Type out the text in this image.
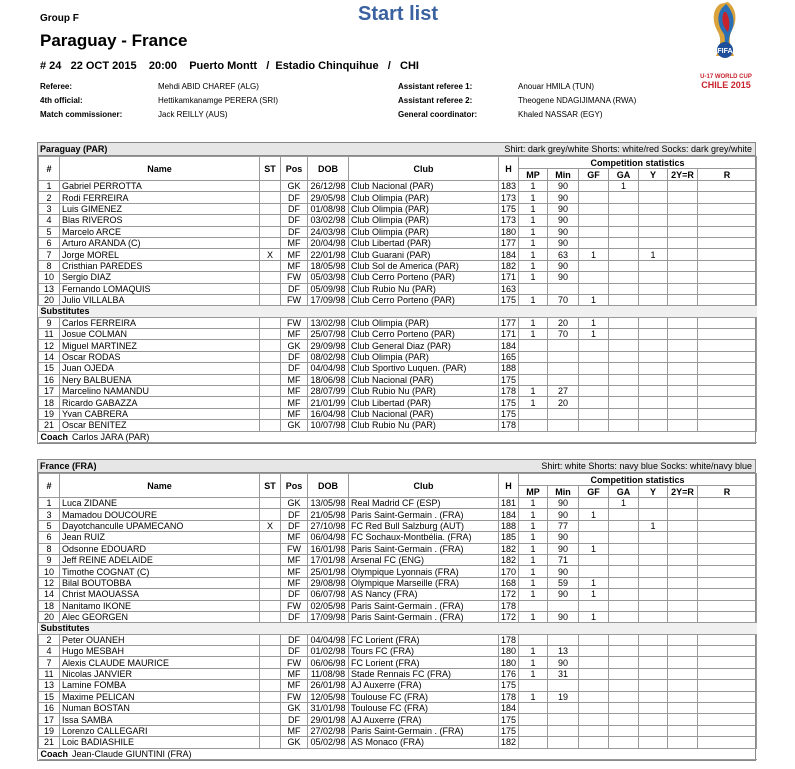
Group F	Start list
Paraguay - France
# 24   22 OCT 2015    20:00    Puerto Montt   /  Estadio Chinquihue   /   CHI
Referee:	Mehdi ABID CHAREF (ALG)
4th official:	Hettikamkanamge PERERA (SRI)
Match commissioner:	Jack REILLY (AUS)
Assistant referee 1:	Anouar HMILA (TUN)
Assistant referee 2:	Theogene NDAGIJIMANA (RWA)
General coordinator:	Khaled NASSAR (EGY)
FIFA
U-17 WORLD CUP
CHILE 2015
Paraguay (PAR)	Shirt: dark grey/white Shorts: white/red Socks: dark grey/white
#	Name	ST	Pos	DOB	Club	H	Competition statistics						
							MP	Min	GF	GA	Y	2Y=R	R
1	Gabriel PERROTTA		GK	26/12/98	Club Nacional (PAR)	183	1	90		1			
2	Rodi FERREIRA		DF	29/05/98	Club Olimpia (PAR)	173	1	90					
3	Luis GIMENEZ		DF	01/08/98	Club Olimpia (PAR)	175	1	90					
4	Blas RIVEROS		DF	03/02/98	Club Olimpia (PAR)	173	1	90					
5	Marcelo ARCE		DF	24/03/98	Club Olimpia (PAR)	180	1	90					
6	Arturo ARANDA (C)		MF	20/04/98	Club Libertad (PAR)	177	1	90					
7	Jorge MOREL	X	MF	22/01/98	Club Guarani (PAR)	184	1	63	1		1		
8	Cristhian PAREDES		MF	18/05/98	Club Sol de America (PAR)	182	1	90					
10	Sergio DIAZ		FW	05/03/98	Club Cerro Porteno (PAR)	171	1	90					
13	Fernando LOMAQUIS		DF	05/09/98	Club Rubio Nu (PAR)	163							
20	Julio VILLALBA		FW	17/09/98	Club Cerro Porteno (PAR)	175	1	70	1				
Substitutes													
9	Carlos FERREIRA		FW	13/02/98	Club Olimpia (PAR)	177	1	20	1				
11	Josue COLMAN		MF	25/07/98	Club Cerro Porteno (PAR)	171	1	70	1				
12	Miguel MARTINEZ		GK	29/09/98	Club General Diaz (PAR)	184							
14	Oscar RODAS		DF	08/02/98	Club Olimpia (PAR)	165							
15	Juan OJEDA		DF	04/04/98	Club Sportivo Luquen. (PAR)	188							
16	Nery BALBUENA		MF	18/06/98	Club Nacional (PAR)	175							
17	Marcelino NAMANDU		MF	28/07/99	Club Rubio Nu (PAR)	178	1	27					
18	Ricardo GABAZZA		MF	21/01/99	Club Libertad (PAR)	175	1	20					
19	Yvan CABRERA		MF	16/04/98	Club Nacional (PAR)	175							
21	Oscar BENITEZ		GK	10/07/98	Club Rubio Nu (PAR)	178							
Coach Carlos JARA (PAR)													
France (FRA)	Shirt: white Shorts: navy blue Socks: white/navy blue
#	Name	ST	Pos	DOB	Club	H	Competition statistics						
							MP	Min	GF	GA	Y	2Y=R	R
1	Luca ZIDANE		GK	13/05/98	Real Madrid CF (ESP)	181	1	90		1			
3	Mamadou DOUCOURE		DF	21/05/98	Paris Saint-Germain . (FRA)	184	1	90	1				
5	Dayotchanculle UPAMECANO	X	DF	27/10/98	FC Red Bull Salzburg (AUT)	188	1	77			1		
6	Jean RUIZ		MF	06/04/98	FC Sochaux-Montbéliа. (FRA)	185	1	90					
8	Odsonne EDOUARD		FW	16/01/98	Paris Saint-Germain . (FRA)	182	1	90	1				
9	Jeff REINE ADELAIDE		MF	17/01/98	Arsenal FC (ENG)	182	1	71					
10	Timothe COGNAT (C)		MF	25/01/98	Olympique Lyonnais (FRA)	170	1	90					
12	Bilal BOUTOBBA		MF	29/08/98	Olympique Marseille (FRA)	168	1	59	1				
14	Christ MAOUASSA		DF	06/07/98	AS Nancy (FRA)	172	1	90	1				
18	Nanitamo IKONE		FW	02/05/98	Paris Saint-Germain . (FRA)	178							
20	Alec GEORGEN		DF	17/09/98	Paris Saint-Germain . (FRA)	172	1	90	1				
Substitutes													
2	Peter OUANEH		DF	04/04/98	FC Lorient (FRA)	178							
4	Hugo MESBAH		DF	01/02/98	Tours FC (FRA)	180	1	13					
7	Alexis CLAUDE MAURICE		FW	06/06/98	FC Lorient (FRA)	180	1	90					
11	Nicolas JANVIER		MF	11/08/98	Stade Rennais FC (FRA)	176	1	31					
13	Lamine FOMBA		MF	26/01/98	AJ Auxerre (FRA)	175							
15	Maxime PELICAN		FW	12/05/98	Toulouse FC (FRA)	178	1	19					
16	Numan BOSTAN		GK	31/01/98	Toulouse FC (FRA)	184							
17	Issa SAMBA		DF	29/01/98	AJ Auxerre (FRA)	175							
19	Lorenzo CALLEGARI		MF	27/02/98	Paris Saint-Germain . (FRA)	175							
21	Loic BADIASHILE		GK	05/02/98	AS Monaco (FRA)	182							
Coach Jean-Claude GIUNTINI (FRA)													
